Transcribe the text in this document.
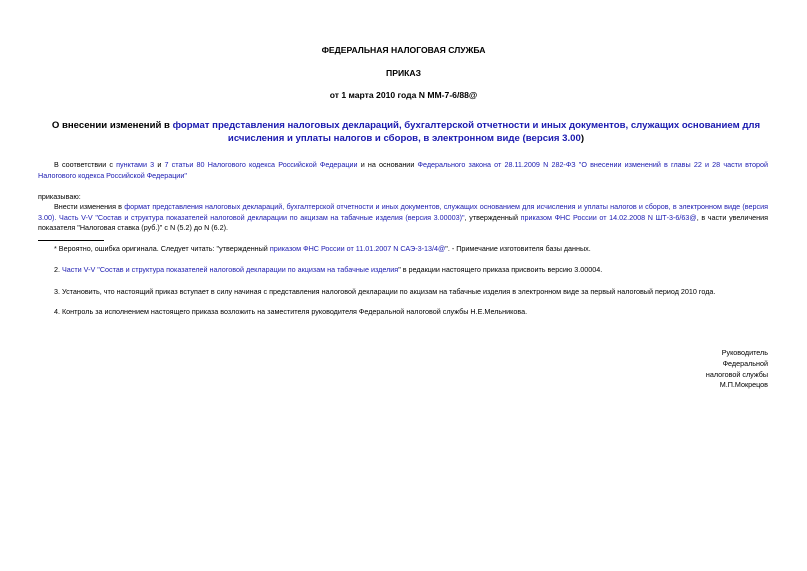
ФЕДЕРАЛЬНАЯ НАЛОГОВАЯ СЛУЖБА
ПРИКАЗ
от 1 марта 2010 года N ММ-7-6/88@
О внесении изменений в формат представления налоговых деклараций, бухгалтерской отчетности и иных документов, служащих основанием для исчисления и уплаты налогов и сборов, в электронном виде (версия 3.00)
В соответствии с пунктами 3 и 7 статьи 80 Налогового кодекса Российской Федерации и на основании Федерального закона от 28.11.2009 N 282-ФЗ "О внесении изменений в главы 22 и 28 части второй Налогового кодекса Российской Федерации"
приказываю:
Внести изменения в формат представления налоговых деклараций, бухгалтерской отчетности и иных документов, служащих основанием для исчисления и уплаты налогов и сборов, в электронном виде (версия 3.00). Часть V-V "Состав и структура показателей налоговой декларации по акцизам на табачные изделия (версия 3.00003)", утвержденный приказом ФНС России от 14.02.2008 N ШТ-3-6/63@, в части увеличения показателя "Налоговая ставка (руб.)" с N (5.2) до N (6.2).
* Вероятно, ошибка оригинала. Следует читать: "утвержденный приказом ФНС России от 11.01.2007 N САЭ-3-13/4@". - Примечание изготовителя базы данных.
2. Части V-V "Состав и структура показателей налоговой декларации по акцизам на табачные изделия" в редакции настоящего приказа присвоить версию 3.00004.
3. Установить, что настоящий приказ вступает в силу начиная с представления налоговой декларации по акцизам на табачные изделия в электронном виде за первый налоговый период 2010 года.
4. Контроль за исполнением настоящего приказа возложить на заместителя руководителя Федеральной налоговой службы Н.Е.Мельникова.
Руководитель
Федеральной
налоговой службы
М.П.Мокрецов
